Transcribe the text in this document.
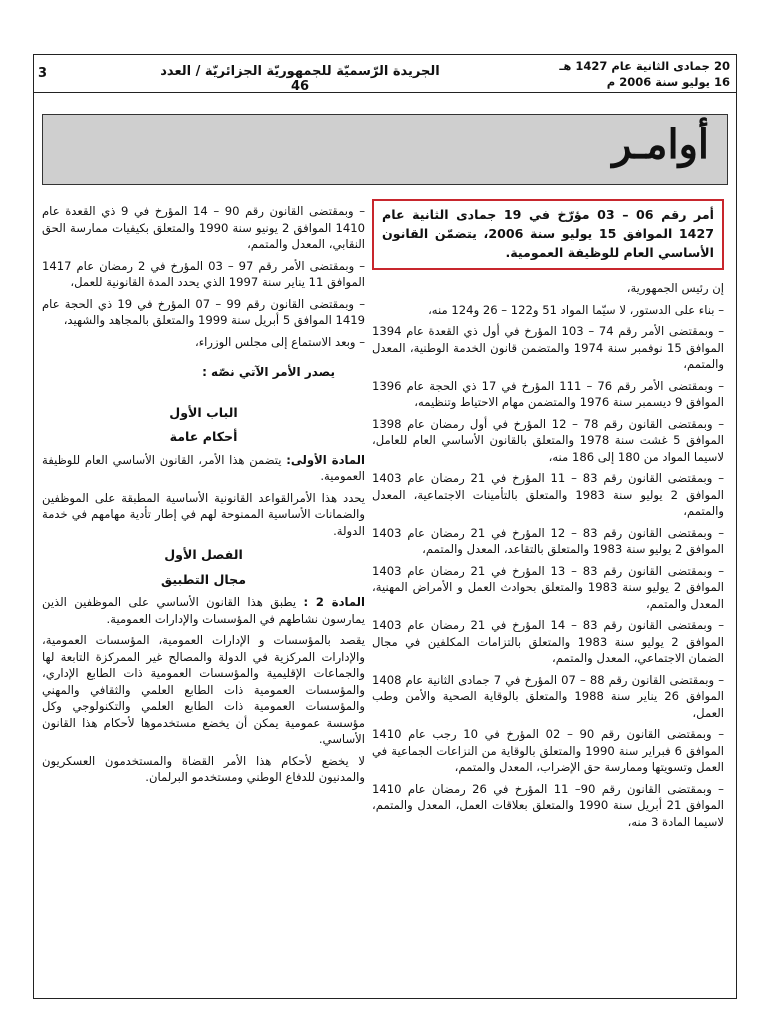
3	الجريدة الرّسميّة للجمهوريّة الجزائريّة / العدد 46
20 جمادى الثانية عام 1427 هـ
16 يوليو سنة 2006 م
أوامـر
أمر رقم 06 – 03 مؤرّخ في 19 جمادى الثانية عام 1427 الموافق 15 يوليو سنة 2006، يتضمّن القانون الأساسي العام للوظيفة العمومية.

إن رئيس الجمهورية،

– بناء على الدستور، لا سيّما المواد 51 و122 – 26 و124 منه،

– وبمقتضى الأمر رقم 74 – 103 المؤرخ في أول ذي القعدة عام 1394 الموافق 15 نوفمبر سنة 1974 والمتضمن قانون الخدمة الوطنية، المعدل والمتمم،

– وبمقتضى الأمر رقم 76 – 111 المؤرخ في 17 ذي الحجة عام 1396 الموافق 9 ديسمبر سنة 1976 والمتضمن مهام الاحتياط وتنظيمه،

– وبمقتضى القانون رقم 78 – 12 المؤرخ في أول رمضان عام 1398 الموافق 5 غشت سنة 1978 والمتعلق بالقانون الأساسي العام للعامل، لاسيما المواد من 180 إلى 186 منه،

– وبمقتضى القانون رقم 83 – 11 المؤرخ في 21 رمضان عام 1403 الموافق 2 يوليو سنة 1983 والمتعلق بالتأمينات الاجتماعية، المعدل والمتمم،

– وبمقتضى القانون رقم 83 – 12 المؤرخ في 21 رمضان عام 1403 الموافق 2 يوليو سنة 1983 والمتعلق بالتقاعد، المعدل والمتمم،

– وبمقتضى القانون رقم 83 – 13 المؤرخ في 21 رمضان عام 1403 الموافق 2 يوليو سنة 1983 والمتعلق بحوادث العمل و الأمراض المهنية، المعدل والمتمم،

– وبمقتضى القانون رقم 83 – 14 المؤرخ في 21 رمضان عام 1403 الموافق 2 يوليو سنة 1983 والمتعلق بالتزامات المكلفين في مجال الضمان الاجتماعي، المعدل والمتمم،

– وبمقتضى القانون رقم 88 – 07 المؤرخ في 7 جمادى الثانية عام 1408 الموافق 26 يناير سنة 1988 والمتعلق بالوقاية الصحية والأمن وطب العمل،

– وبمقتضى القانون رقم 90 – 02 المؤرخ في 10 رجب عام 1410 الموافق 6 فبراير سنة 1990 والمتعلق بالوقاية من النزاعات الجماعية في العمل وتسويتها وممارسة حق الإضراب، المعدل والمتمم،

– وبمقتضى القانون رقم 90– 11 المؤرخ في 26 رمضان عام 1410 الموافق 21 أبريل سنة 1990 والمتعلق بعلاقات العمل، المعدل والمتمم، لاسيما المادة 3 منه،

– وبمقتضى القانون رقم 90 – 14 المؤرخ في 9 ذي القعدة عام 1410 الموافق 2 يونيو سنة 1990 والمتعلق بكيفيات ممارسة الحق النقابي، المعدل والمتمم،

– وبمقتضى الأمر رقم 97 – 03 المؤرخ في 2 رمضان عام 1417 الموافق 11 يناير سنة 1997 الذي يحدد المدة القانونية للعمل،

– وبمقتضى القانون رقم 99 – 07 المؤرخ في 19 ذي الحجة عام 1419 الموافق 5 أبريل سنة 1999 والمتعلق بالمجاهد والشهيد،

– وبعد الاستماع إلى مجلس الوزراء،

يصدر الأمر الآتي نصّه :
الباب الأول
أحكام عامة

المادة الأولى: يتضمن هذا الأمر، القانون الأساسي العام للوظيفة العمومية.

يحدد هذا الأمرالقواعد القانونية الأساسية المطبقة على الموظفين والضمانات الأساسية الممنوحة لهم في إطار تأدية مهامهم في خدمة الدولة.

الفصل الأول
مجال التطبيق

المادة 2 : يطبق هذا القانون الأساسي على الموظفين الذين يمارسون نشاطهم في المؤسسات والإدارات العمومية.

يقصد بالمؤسسات و الإدارات العمومية، المؤسسات العمومية، والإدارات المركزية في الدولة والمصالح غير الممركزة التابعة لها والجماعات الإقليمية والمؤسسات العمومية ذات الطابع الإداري، والمؤسسات العمومية ذات الطابع العلمي والثقافي والمهني والمؤسسات العمومية ذات الطابع العلمي والتكنولوجي وكل مؤسسة عمومية يمكن أن يخضع مستخدموها لأحكام هذا القانون الأساسي.

لا يخضع لأحكام هذا الأمر القضاة والمستخدمون العسكريون والمدنيون للدفاع الوطني ومستخدمو البرلمان.
